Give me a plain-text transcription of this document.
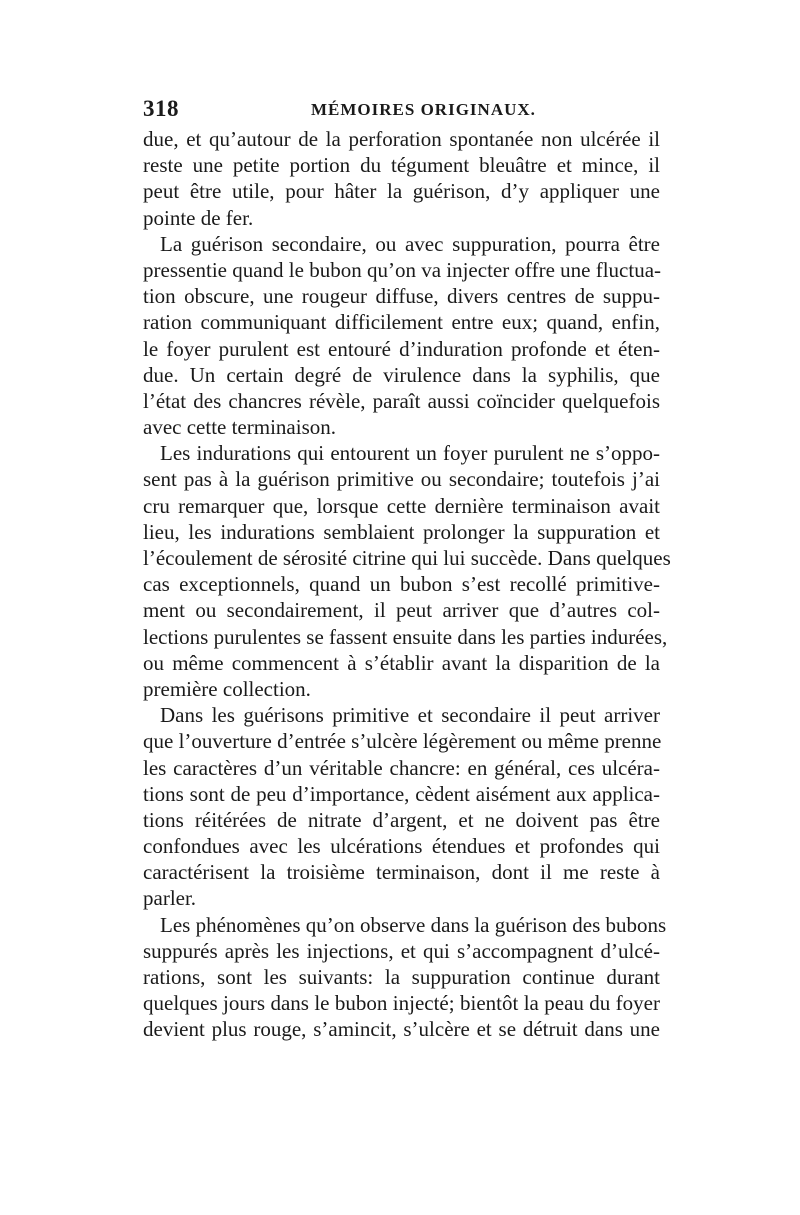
318	MÉMOIRES ORIGINAUX.
due, et qu’autour de la perforation spontanée non ulcérée il
reste une petite portion du tégument bleuâtre et mince, il
peut être utile, pour hâter la guérison, d’y appliquer une
pointe de fer.
La guérison secondaire, ou avec suppuration, pourra être
pressentie quand le bubon qu’on va injecter offre une fluctua-
tion obscure, une rougeur diffuse, divers centres de suppu-
ration communiquant difficilement entre eux; quand, enfin,
le foyer purulent est entouré d’induration profonde et éten-
due. Un certain degré de virulence dans la syphilis, que
l’état des chancres révèle, paraît aussi coïncider quelquefois
avec cette terminaison.
Les indurations qui entourent un foyer purulent ne s’oppo-
sent pas à la guérison primitive ou secondaire; toutefois j’ai
cru remarquer que, lorsque cette dernière terminaison avait
lieu, les indurations semblaient prolonger la suppuration et
l’écoulement de sérosité citrine qui lui succède. Dans quelques
cas exceptionnels, quand un bubon s’est recollé primitive-
ment ou secondairement, il peut arriver que d’autres col-
lections purulentes se fassent ensuite dans les parties indurées,
ou même commencent à s’établir avant la disparition de la
première collection.
Dans les guérisons primitive et secondaire il peut arriver
que l’ouverture d’entrée s’ulcère légèrement ou même prenne
les caractères d’un véritable chancre: en général, ces ulcéra-
tions sont de peu d’importance, cèdent aisément aux applica-
tions réitérées de nitrate d’argent, et ne doivent pas être
confondues avec les ulcérations étendues et profondes qui
caractérisent la troisième terminaison, dont il me reste à
parler.
Les phénomènes qu’on observe dans la guérison des bubons
suppurés après les injections, et qui s’accompagnent d’ulcé-
rations, sont les suivants: la suppuration continue durant
quelques jours dans le bubon injecté; bientôt la peau du foyer
devient plus rouge, s’amincit, s’ulcère et se détruit dans une
